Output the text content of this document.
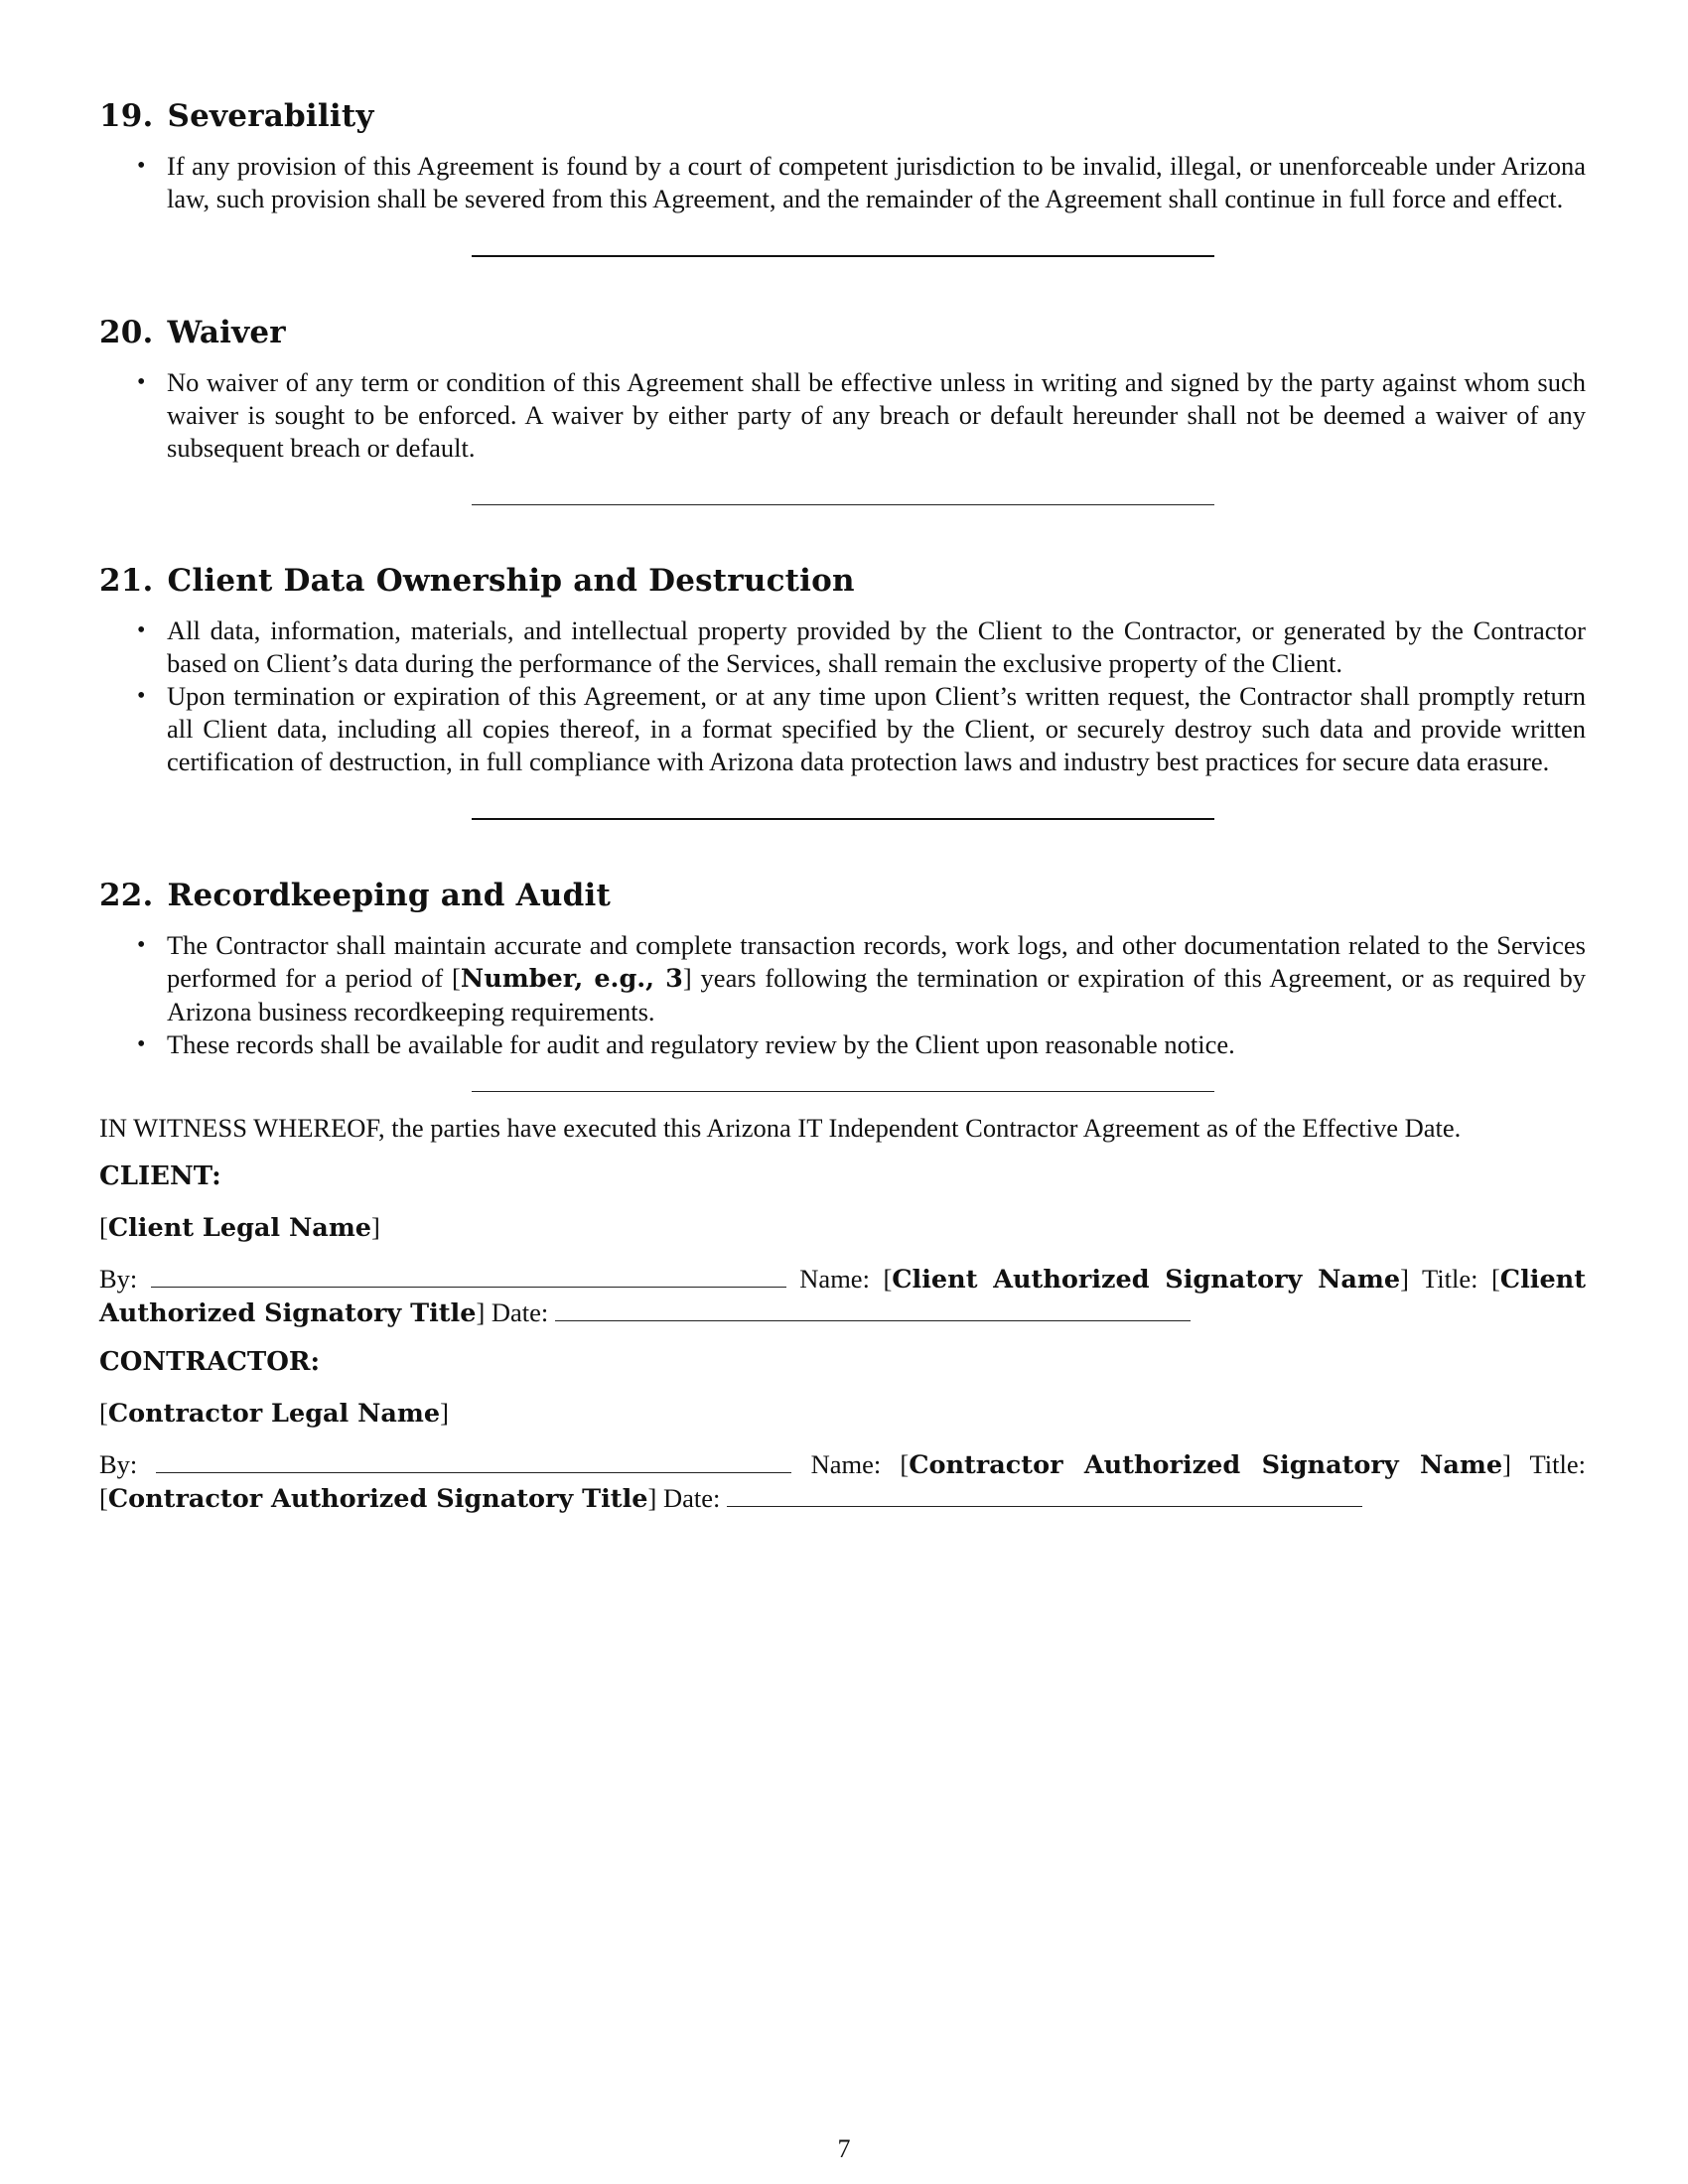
19. Severability
• If any provision of this Agreement is found by a court of competent jurisdiction to be invalid, illegal, or unenforceable under Arizona law, such provision shall be severed from this Agreement, and the remainder of the Agreement shall continue in full force and effect.
20. Waiver
• No waiver of any term or condition of this Agreement shall be effective unless in writing and signed by the party against whom such waiver is sought to be enforced. A waiver by either party of any breach or default hereunder shall not be deemed a waiver of any subsequent breach or default.
21. Client Data Ownership and Destruction
• All data, information, materials, and intellectual property provided by the Client to the Contractor, or generated by the Contractor based on Client’s data during the performance of the Services, shall remain the exclusive property of the Client.
• Upon termination or expiration of this Agreement, or at any time upon Client’s written request, the Contractor shall promptly return all Client data, including all copies thereof, in a format specified by the Client, or securely destroy such data and provide written certification of destruction, in full compliance with Arizona data protection laws and industry best practices for secure data erasure.
22. Recordkeeping and Audit
• The Contractor shall maintain accurate and complete transaction records, work logs, and other documentation related to the Services performed for a period of [Number, e.g., 3] years following the termination or expiration of this Agreement, or as required by Arizona business recordkeeping requirements.
• These records shall be available for audit and regulatory review by the Client upon reasonable notice.

IN WITNESS WHEREOF, the parties have executed this Arizona IT Independent Contractor Agreement as of the Effective Date.

CLIENT:

[Client Legal Name]

By:	Name: [Client Authorized Signatory Name] Title: [Client Authorized Signatory Title] Date:

CONTRACTOR:

[Contractor Legal Name]

By:	Name: [Contractor Authorized Signatory Name] Title: [Contractor Authorized Signatory Title] Date:

7
